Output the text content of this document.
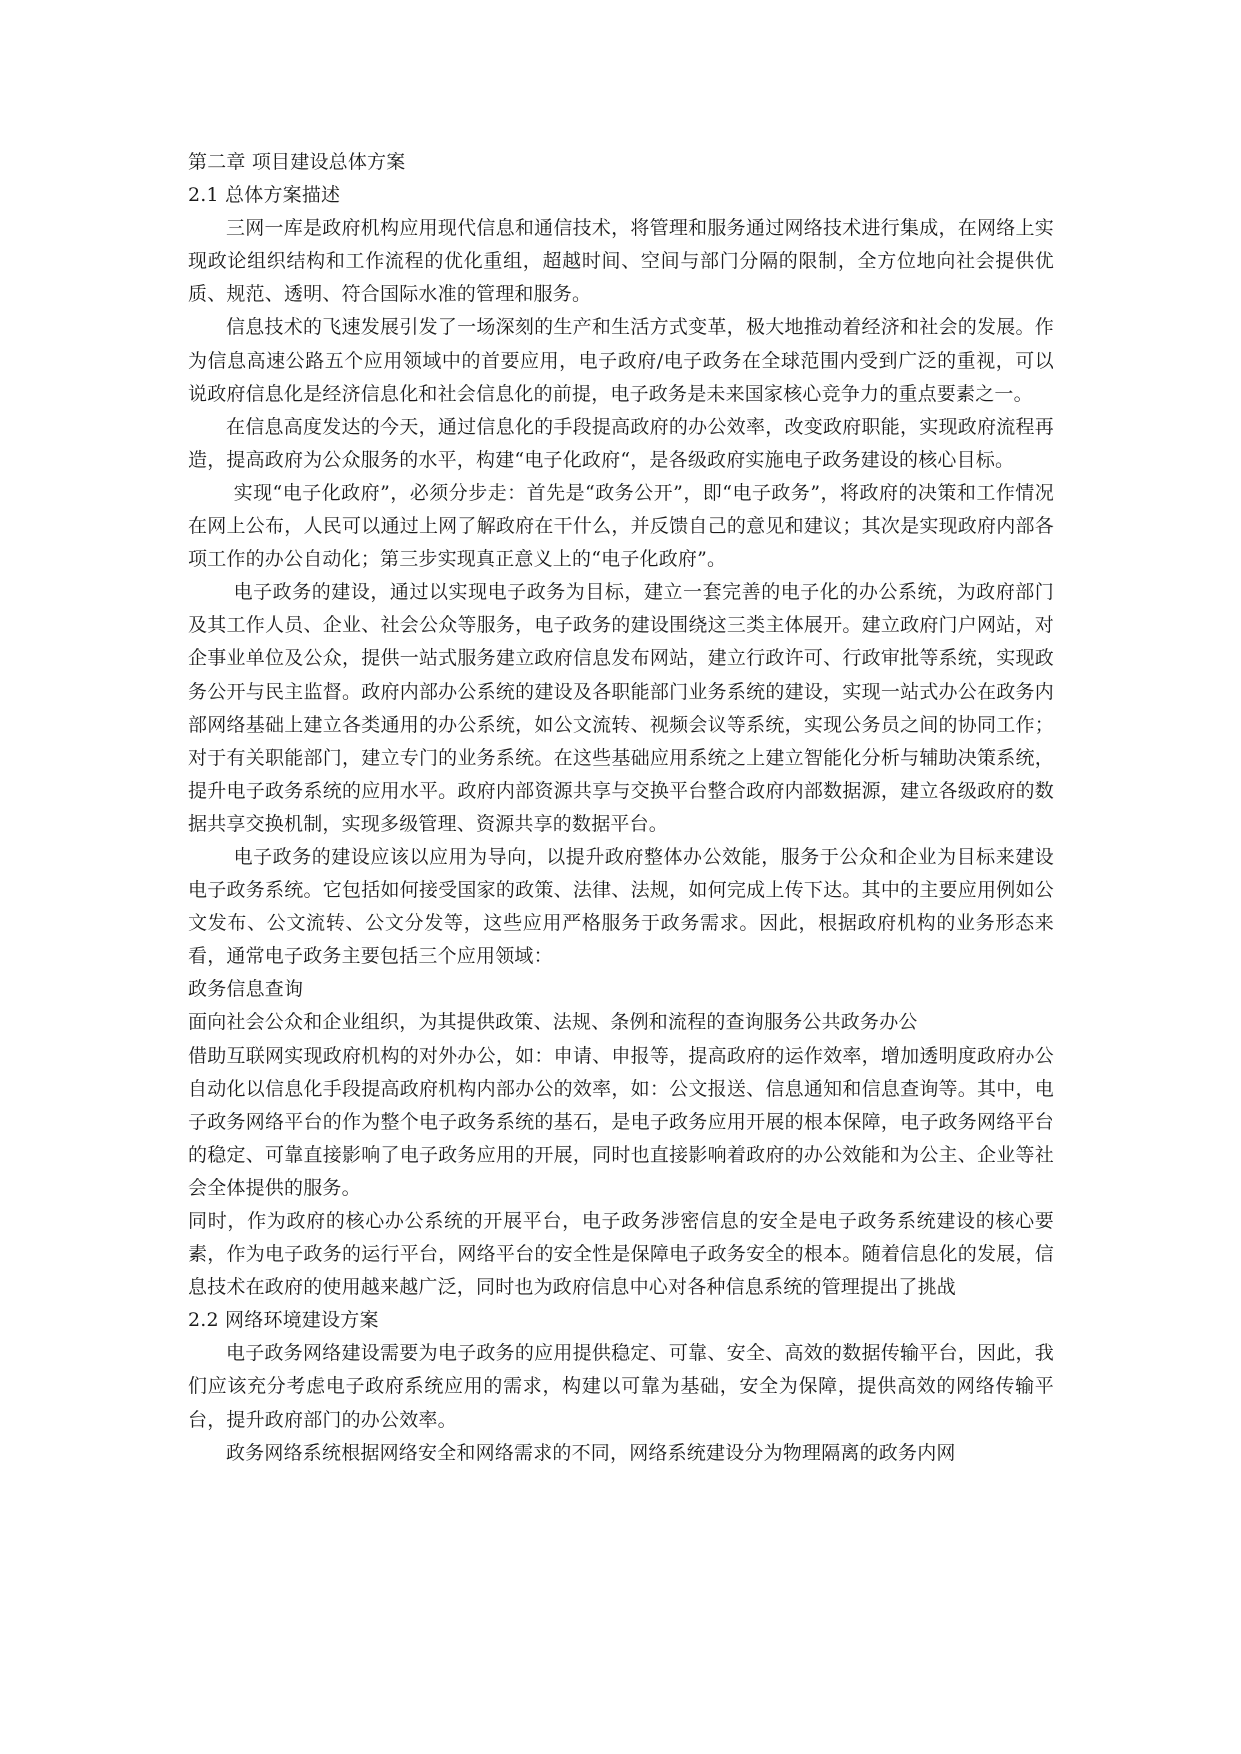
第二章 项目建设总体方案

2.1 总体方案描述

三网一库是政府机构应用现代信息和通信技术，将管理和服务通过网络技术进行集成，在网络上实现政论组织结构和工作流程的优化重组，超越时间、空间与部门分隔的限制，全方位地向社会提供优质、规范、透明、符合国际水准的管理和服务。

信息技术的飞速发展引发了一场深刻的生产和生活方式变革，极大地推动着经济和社会的发展。作为信息高速公路五个应用领域中的首要应用，电子政府/电子政务在全球范围内受到广泛的重视，可以说政府信息化是经济信息化和社会信息化的前提，电子政务是未来国家核心竞争力的重点要素之一。

在信息高度发达的今天，通过信息化的手段提高政府的办公效率，改变政府职能，实现政府流程再造，提高政府为公众服务的水平，构建“电子化政府“，是各级政府实施电子政务建设的核心目标。

实现“电子化政府”，必须分步走：首先是“政务公开”，即“电子政务”，将政府的决策和工作情况在网上公布，人民可以通过上网了解政府在干什么，并反馈自己的意见和建议；其次是实现政府内部各项工作的办公自动化；第三步实现真正意义上的“电子化政府”。

电子政务的建设，通过以实现电子政务为目标，建立一套完善的电子化的办公系统，为政府部门及其工作人员、企业、社会公众等服务，电子政务的建设围绕这三类主体展开。建立政府门户网站，对企事业单位及公众，提供一站式服务建立政府信息发布网站，建立行政许可、行政审批等系统，实现政务公开与民主监督。政府内部办公系统的建设及各职能部门业务系统的建设，实现一站式办公在政务内部网络基础上建立各类通用的办公系统，如公文流转、视频会议等系统，实现公务员之间的协同工作；对于有关职能部门，建立专门的业务系统。在这些基础应用系统之上建立智能化分析与辅助决策系统，提升电子政务系统的应用水平。政府内部资源共享与交换平台整合政府内部数据源，建立各级政府的数据共享交换机制，实现多级管理、资源共享的数据平台。

电子政务的建设应该以应用为导向，以提升政府整体办公效能，服务于公众和企业为目标来建设电子政务系统。它包括如何接受国家的政策、法律、法规，如何完成上传下达。其中的主要应用例如公文发布、公文流转、公文分发等，这些应用严格服务于政务需求。因此，根据政府机构的业务形态来看，通常电子政务主要包括三个应用领域：

政务信息查询

面向社会公众和企业组织，为其提供政策、法规、条例和流程的查询服务公共政务办公

借助互联网实现政府机构的对外办公，如：申请、申报等，提高政府的运作效率，增加透明度政府办公自动化以信息化手段提高政府机构内部办公的效率，如：公文报送、信息通知和信息查询等。其中，电子政务网络平台的作为整个电子政务系统的基石，是电子政务应用开展的根本保障，电子政务网络平台的稳定、可靠直接影响了电子政务应用的开展，同时也直接影响着政府的办公效能和为公主、企业等社会全体提供的服务。

同时，作为政府的核心办公系统的开展平台，电子政务涉密信息的安全是电子政务系统建设的核心要素，作为电子政务的运行平台，网络平台的安全性是保障电子政务安全的根本。随着信息化的发展，信息技术在政府的使用越来越广泛，同时也为政府信息中心对各种信息系统的管理提出了挑战

2.2 网络环境建设方案

电子政务网络建设需要为电子政务的应用提供稳定、可靠、安全、高效的数据传输平台，因此，我们应该充分考虑电子政府系统应用的需求，构建以可靠为基础，安全为保障，提供高效的网络传输平台，提升政府部门的办公效率。

政务网络系统根据网络安全和网络需求的不同，网络系统建设分为物理隔离的政务内网
